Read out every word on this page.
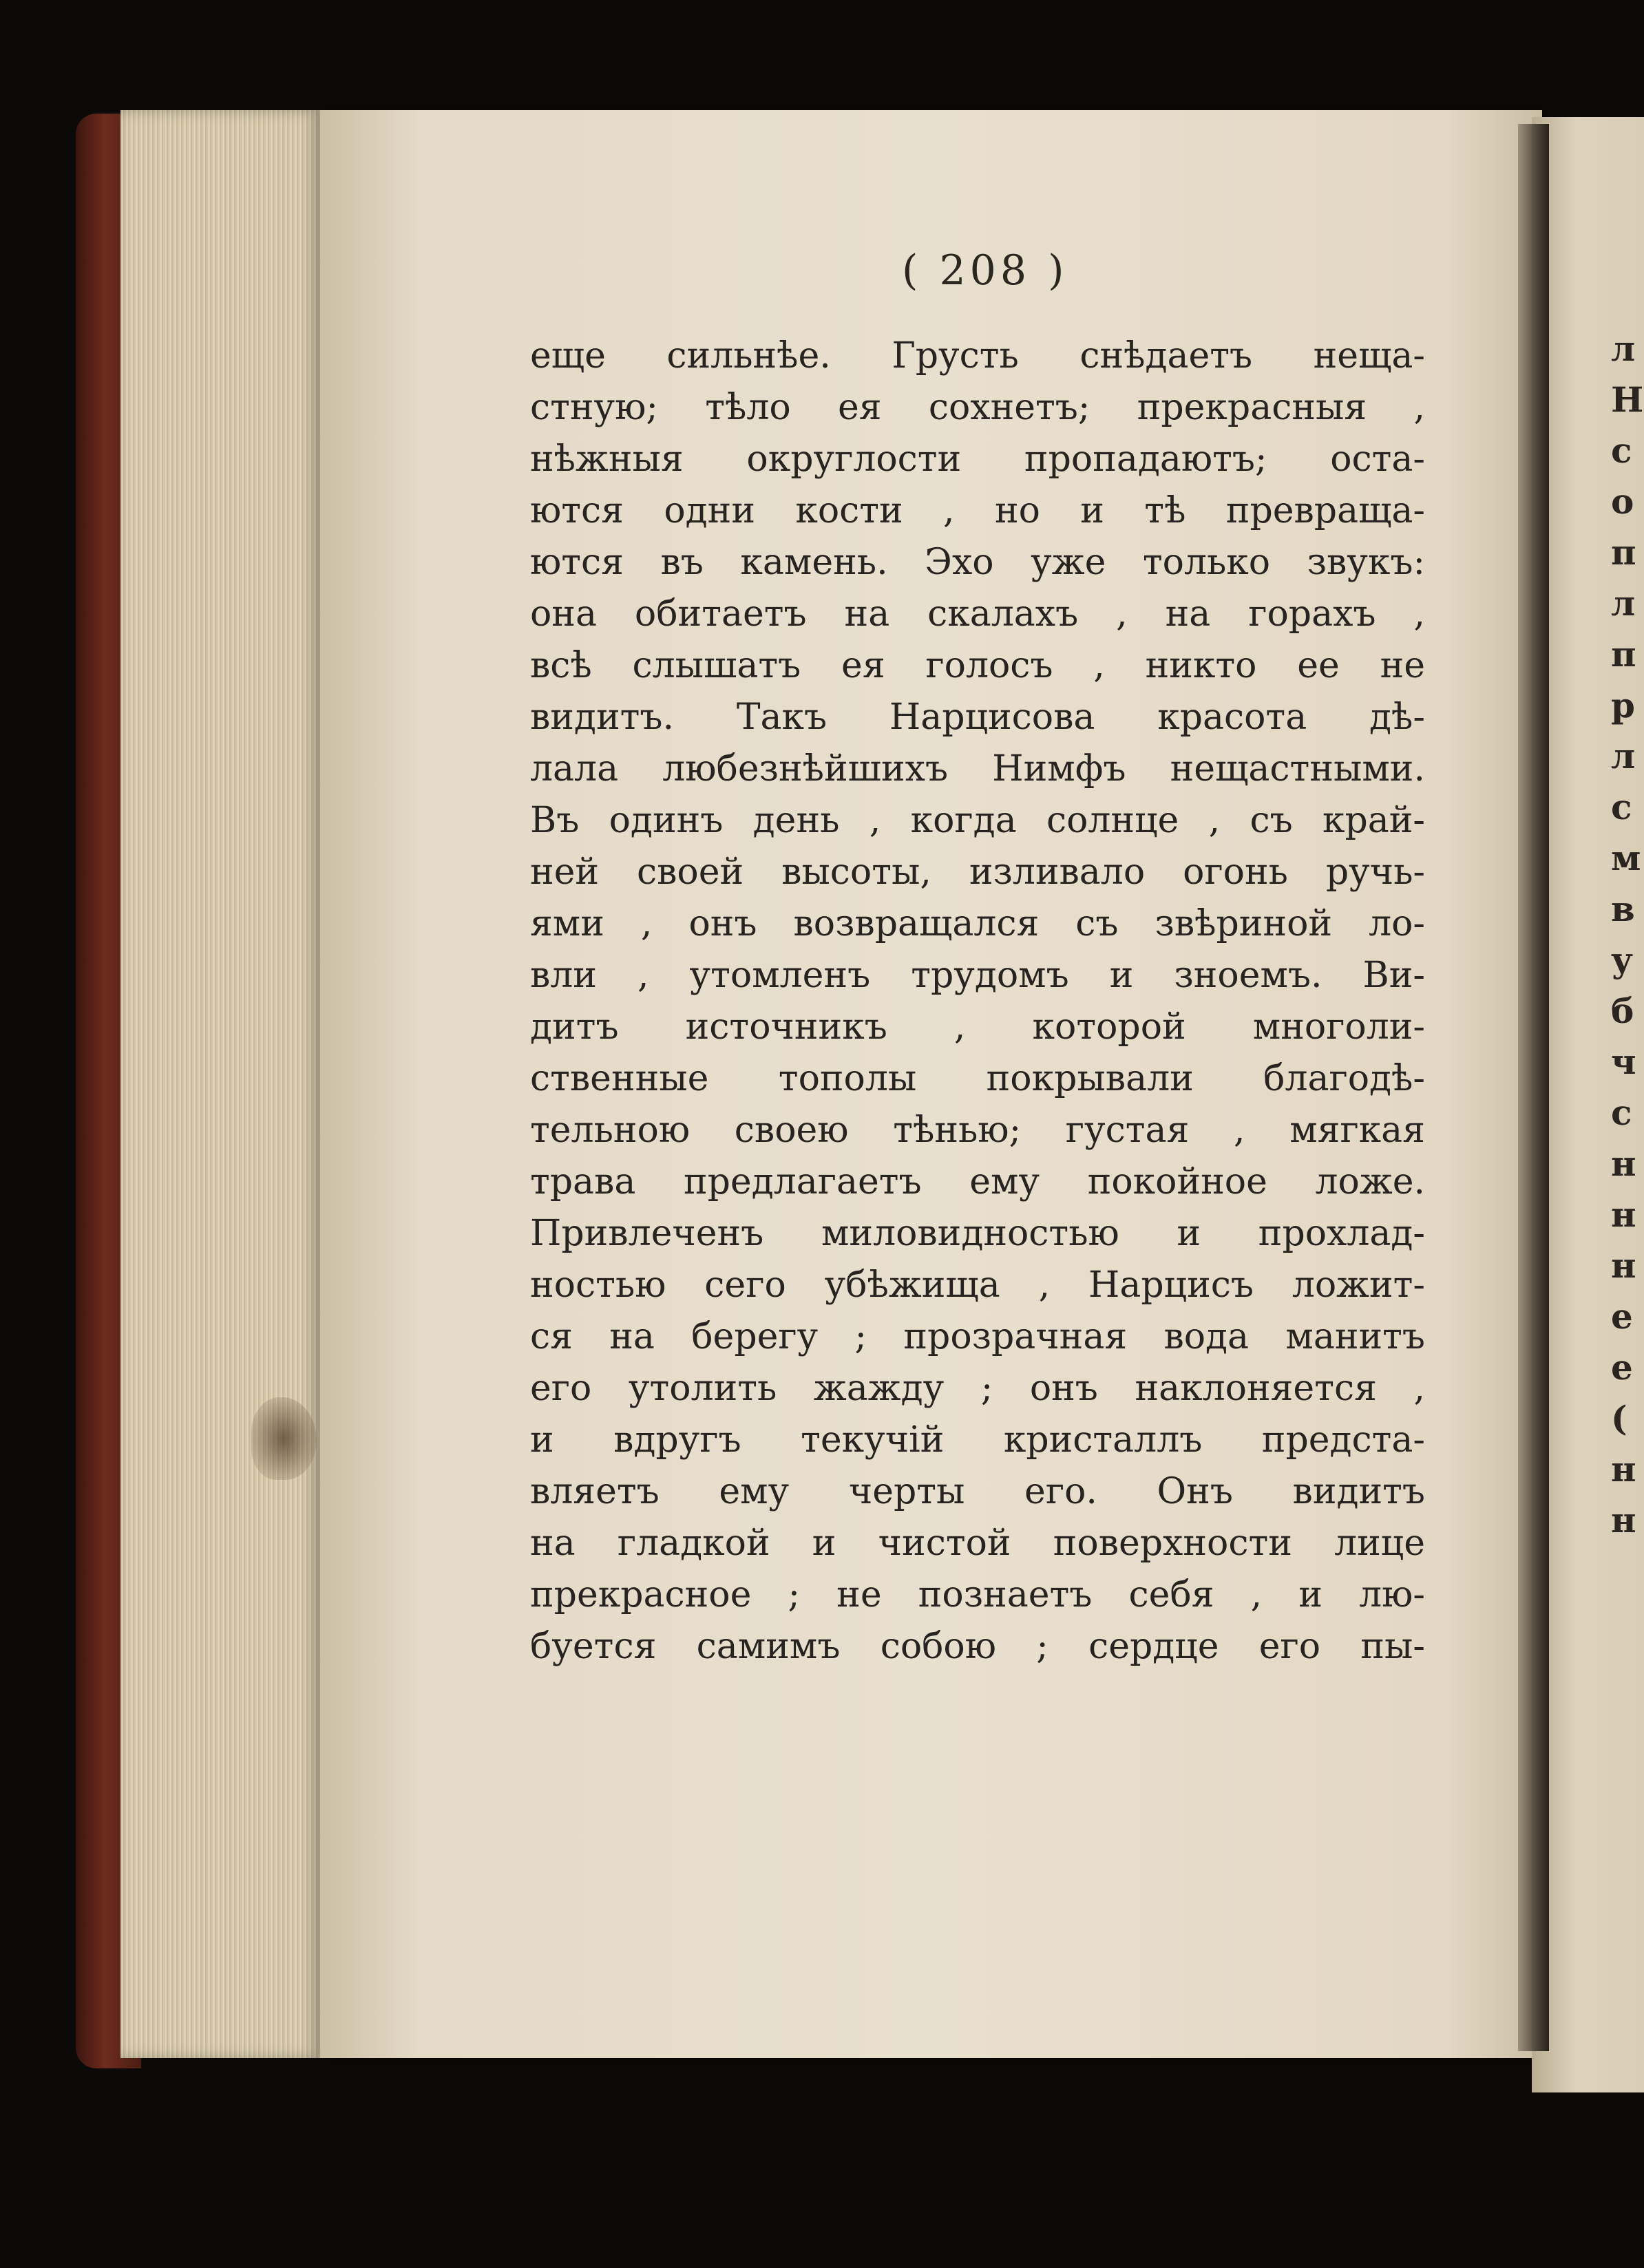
( 208 )
еще сильнѣе. Грусть снѣдаетъ неща-
стную; тѣло ея сохнетъ; прекрасныя ,
нѣжныя округлости пропадаютъ; оста-
ются одни кости , но и тѣ превраща-
ются въ камень. Эхо уже только звукъ:
она обитаетъ на скалахъ , на горахъ ,
всѣ слышатъ ея голосъ , никто ее не
видитъ. Такъ Нарцисова красота дѣ-
лала любезнѣйшихъ Нимфъ нещастными.
Въ одинъ день , когда солнце , съ край-
ней своей высоты, изливало огонь ручь-
ями , онъ возвращался съ звѣриной ло-
вли , утомленъ трудомъ и зноемъ. Ви-
дитъ источникъ , которой многоли-
ственные тополы покрывали благодѣ-
тельною своею тѣнью; густая , мягкая
трава предлагаетъ ему покойное ложе.
Привлеченъ миловидностью и прохлад-
ностью сего убѣжища , Нарцисъ ложит-
ся на берегу ; прозрачная вода манитъ
его утолить жажду ; онъ наклоняется ,
и вдругъ текучій кристаллъ предста-
вляетъ ему черты его. Онъ видитъ
на гладкой и чистой поверхности лице
прекрасное ; не познаетъ себя , и лю-
буется самимъ собою ; сердце его пы-
л
Н
с
о
п
л
п
р
л
с
м
в
у
б
ч
с
н
н
н
е
е
(
н
н
